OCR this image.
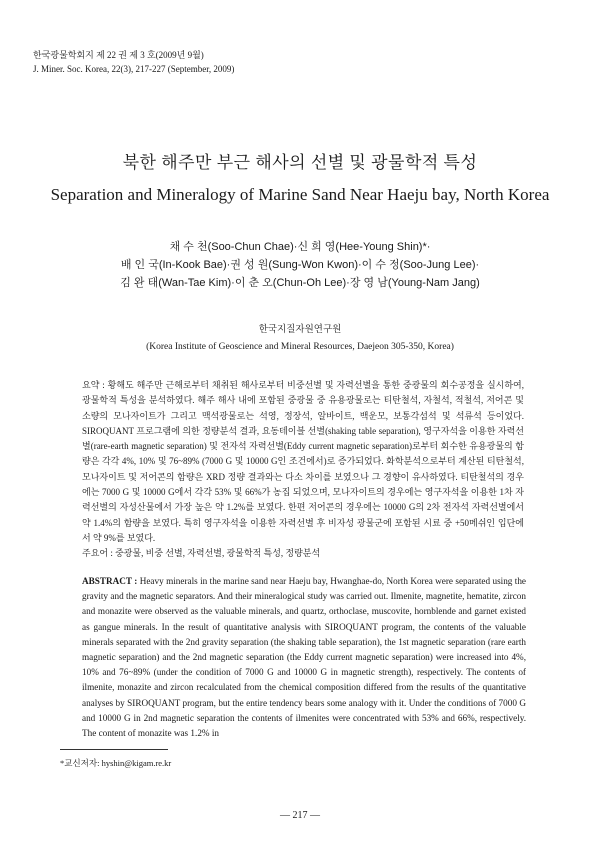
한국광물학회지 제 22 권 제 3 호(2009년 9월)
J. Miner. Soc. Korea, 22(3), 217-227 (September, 2009)
북한 해주만 부근 해사의 선별 및 광물학적 특성
Separation and Mineralogy of Marine Sand Near Haeju bay, North Korea
채 수 천(Soo-Chun Chae)·신 희 영(Hee-Young Shin)*·
배 인 국(In-Kook Bae)·권 성 원(Sung-Won Kwon)·이 수 정(Soo-Jung Lee)·
김 완 태(Wan-Tae Kim)·이 춘 오(Chun-Oh Lee)·장 영 남(Young-Nam Jang)
한국지질자원연구원
(Korea Institute of Geoscience and Mineral Resources, Daejeon 305-350, Korea)
요약 : 황해도 해주만 근해로부터 채취된 해사로부터 비중선별 및 자력선별을 통한 중광물의 회수공정을 실시하여, 광물학적 특성을 분석하였다. 해주 해사 내에 포함된 중광물 중 유용광물로는 티탄철석, 자철석, 적철석, 저어콘 및 소량의 모나자이트가 그리고 맥석광물로는 석영, 정장석, 알바이트, 백운모, 보통각섬석 및 석류석 등이었다. SIROQUANT 프로그램에 의한 정량분석 결과, 요동테이블 선별(shaking table separation), 영구자석을 이용한 자력선별(rare-earth magnetic separation) 및 전자석 자력선별(Eddy current magnetic separation)로부터 회수한 유용광물의 함량은 각각 4%, 10% 및 76~89% (7000 G 및 10000 G인 조건에서)로 증가되었다. 화학분석으로부터 계산된 티탄철석, 모나자이트 및 저어콘의 함량은 XRD 정량 결과와는 다소 차이를 보였으나 그 경향이 유사하였다. 티탄철석의 경우에는 7000 G 및 10000 G에서 각각 53% 및 66%가 농집 되었으며, 모나자이트의 경우에는 영구자석을 이용한 1차 자력선별의 자성산물에서 가장 높은 약 1.2%를 보였다. 한편 저어콘의 경우에는 10000 G의 2차 전자석 자력선별에서 약 1.4%의 함량을 보였다. 특히 영구자석을 이용한 자력선별 후 비자성 광물군에 포함된 시료 중 +50메쉬인 입단에서 약 9%를 보였다.
주요어 : 중광물, 비중 선별, 자력선별, 광물학적 특성, 정량분석
ABSTRACT : Heavy minerals in the marine sand near Haeju bay, Hwanghae-do, North Korea were separated using the gravity and the magnetic separators. And their mineralogical study was carried out. Ilmenite, magnetite, hematite, zircon and monazite were observed as the valuable minerals, and quartz, orthoclase, muscovite, hornblende and garnet existed as gangue minerals. In the result of quantitative analysis with SIROQUANT program, the contents of the valuable minerals separated with the 2nd gravity separation (the shaking table separation), the 1st magnetic separation (rare earth magnetic separation) and the 2nd magnetic separation (the Eddy current magnetic separation) were increased into 4%, 10% and 76~89% (under the condition of 7000 G and 10000 G in magnetic strength), respectively. The contents of ilmenite, monazite and zircon recalculated from the chemical composition differed from the results of the quantitative analyses by SIROQUANT program, but the entire tendency bears some analogy with it. Under the conditions of 7000 G and 10000 G in 2nd magnetic separation the contents of ilmenites were concentrated with 53% and 66%, respectively. The content of monazite was 1.2% in
*교신저자: hyshin@kigam.re.kr
— 217 —
